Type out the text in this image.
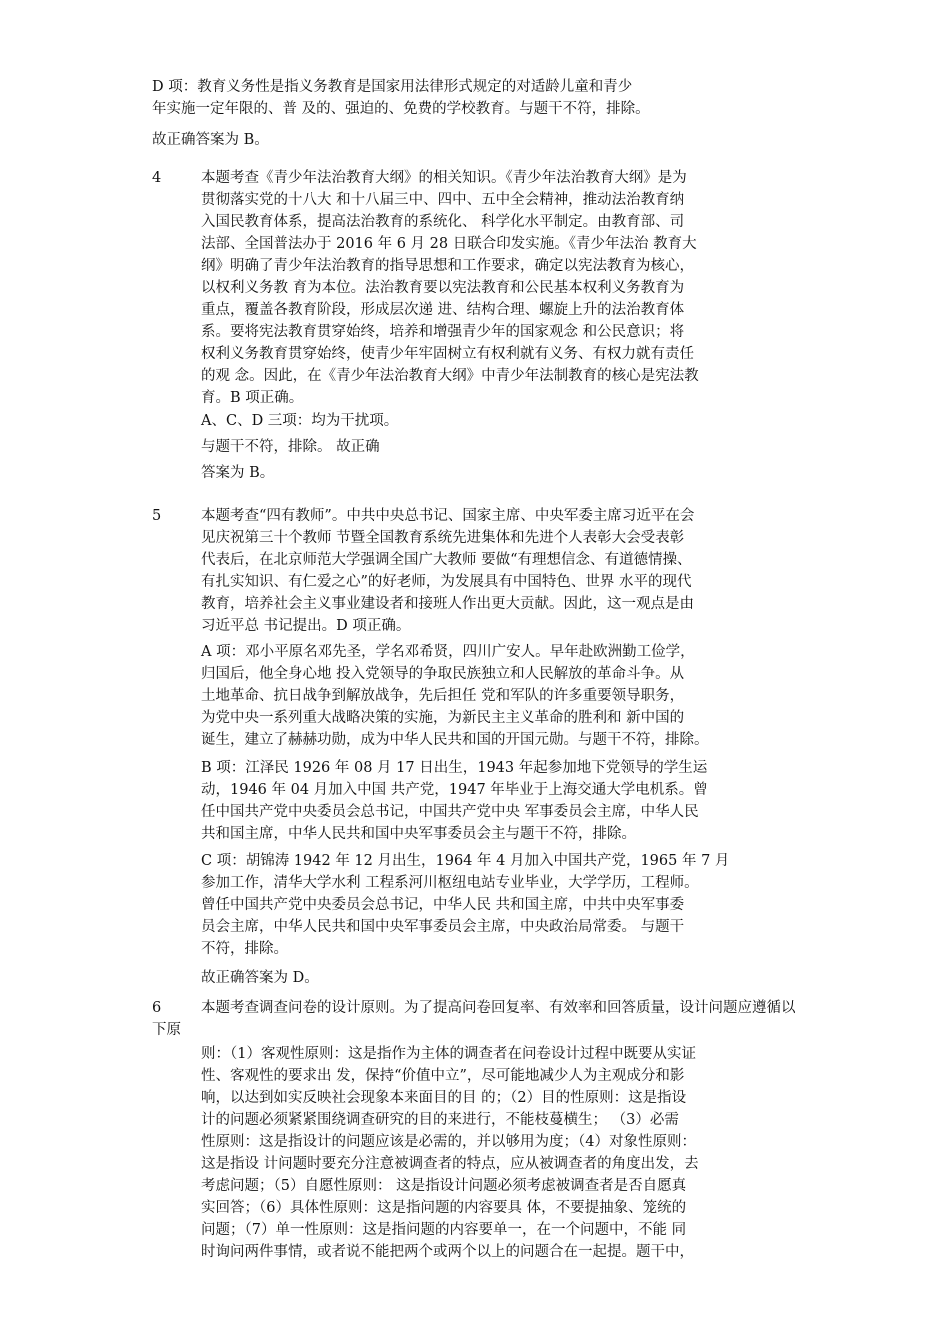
D 项：教育义务性是指义务教育是国家用法律形式规定的对适龄儿童和青少
年实施一定年限的、普 及的、强迫的、免费的学校教育。与题干不符，排除。
故正确答案为 B。
4	本题考查《青少年法治教育大纲》的相关知识。《青少年法治教育大纲》是为
贯彻落实党的十八大 和十八届三中、四中、五中全会精神，推动法治教育纳
入国民教育体系，提高法治教育的系统化、 科学化水平制定。由教育部、司
法部、全国普法办于 2016 年 6 月 28 日联合印发实施。《青少年法治 教育大
纲》明确了青少年法治教育的指导思想和工作要求，确定以宪法教育为核心，
以权利义务教 育为本位。法治教育要以宪法教育和公民基本权利义务教育为
重点，覆盖各教育阶段，形成层次递 进、结构合理、螺旋上升的法治教育体
系。要将宪法教育贯穿始终，培养和增强青少年的国家观念 和公民意识；将
权利义务教育贯穿始终，使青少年牢固树立有权利就有义务、有权力就有责任
的观 念。因此，在《青少年法治教育大纲》中青少年法制教育的核心是宪法教
育。B 项正确。
A、C、D 三项：均为干扰项。
与题干不符，排除。 故正确
答案为 B。
5	本题考查“四有教师”。中共中央总书记、国家主席、中央军委主席习近平在会
见庆祝第三十个教师 节暨全国教育系统先进集体和先进个人表彰大会受表彰
代表后，在北京师范大学强调全国广大教师 要做“有理想信念、有道德情操、
有扎实知识、有仁爱之心”的好老师，为发展具有中国特色、世界 水平的现代
教育，培养社会主义事业建设者和接班人作出更大贡献。因此，这一观点是由
习近平总 书记提出。D 项正确。
A 项：邓小平原名邓先圣，学名邓希贤，四川广安人。早年赴欧洲勤工俭学，
归国后，他全身心地 投入党领导的争取民族独立和人民解放的革命斗争。从
土地革命、抗日战争到解放战争，先后担任 党和军队的许多重要领导职务，
为党中央一系列重大战略决策的实施，为新民主主义革命的胜利和 新中国的
诞生，建立了赫赫功勋，成为中华人民共和国的开国元勋。与题干不符，排除。
B 项：江泽民 1926 年 08 月 17 日出生，1943 年起参加地下党领导的学生运
动，1946 年 04 月加入中国 共产党，1947 年毕业于上海交通大学电机系。曾
任中国共产党中央委员会总书记，中国共产党中央 军事委员会主席，中华人民
共和国主席，中华人民共和国中央军事委员会主与题干不符，排除。
C 项：胡锦涛 1942 年 12 月出生，1964 年 4 月加入中国共产党，1965 年 7 月
参加工作，清华大学水利 工程系河川枢纽电站专业毕业，大学学历，工程师。
曾任中国共产党中央委员会总书记，中华人民 共和国主席，中共中央军事委
员会主席，中华人民共和国中央军事委员会主席，中央政治局常委。 与题干
不符，排除。
故正确答案为 D。
6	本题考查调查问卷的设计原则。为了提高问卷回复率、有效率和回答质量，设计问题应遵循以
下原
则：（1）客观性原则：这是指作为主体的调查者在问卷设计过程中既要从实证
性、客观性的要求出 发，保持“价值中立”，尽可能地减少人为主观成分和影
响，以达到如实反映社会现象本来面目的目 的；（2）目的性原则：这是指设
计的问题必须紧紧围绕调查研究的目的来进行，不能枝蔓横生； （3）必需
性原则：这是指设计的问题应该是必需的，并以够用为度；（4）对象性原则：
这是指设 计问题时要充分注意被调查者的特点，应从被调查者的角度出发，去
考虑问题；（5）自愿性原则： 这是指设计问题必须考虑被调查者是否自愿真
实回答；（6）具体性原则：这是指问题的内容要具 体，不要提抽象、笼统的
问题；（7）单一性原则：这是指问题的内容要单一，在一个问题中，不能 同
时询问两件事情，或者说不能把两个或两个以上的问题合在一起提。题干中，
